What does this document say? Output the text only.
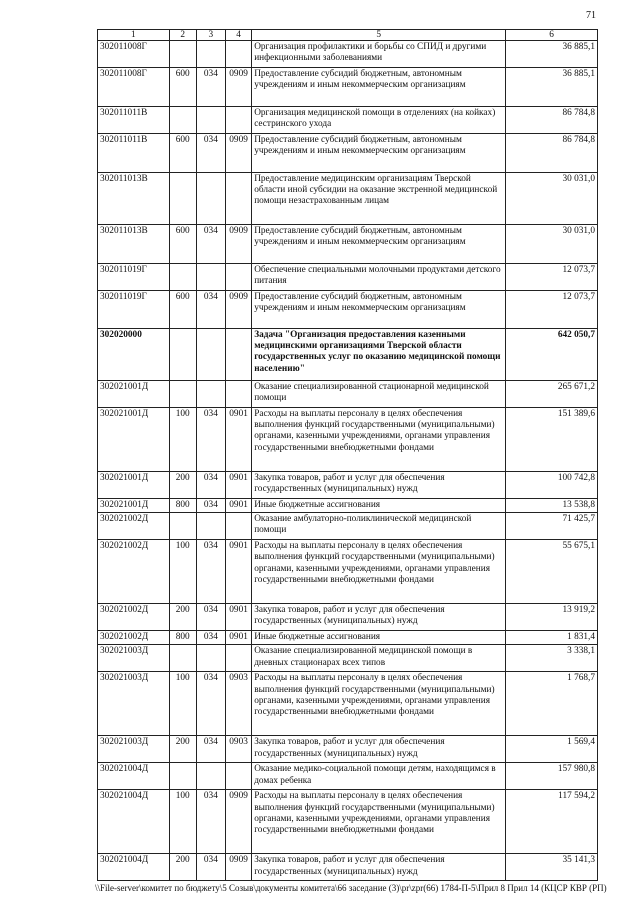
71
1	2	3	4	5	6
302011008Г				Организация профилактики и борьбы со СПИД и другими инфекционными заболеваниями	36 885,1
302011008Г	600	034	0909	Предоставление субсидий бюджетным, автономным учреждениям и иным некоммерческим организациям	36 885,1
302011011В				Организация медицинской помощи в отделениях (на койках) сестринского ухода	86 784,8
302011011В	600	034	0909	Предоставление субсидий бюджетным, автономным учреждениям и иным некоммерческим организациям	86 784,8
302011013В				Предоставление медицинским организациям Тверской области иной субсидии на оказание экстренной медицинской помощи незастрахованным лицам	30 031,0
302011013В	600	034	0909	Предоставление субсидий бюджетным, автономным учреждениям и иным некоммерческим организациям	30 031,0
302011019Г				Обеспечение специальными молочными продуктами детского питания	12 073,7
302011019Г	600	034	0909	Предоставление субсидий бюджетным, автономным учреждениям и иным некоммерческим организациям	12 073,7
302020000				Задача "Организация предоставления казенными медицинскими организациями Тверской области государственных услуг по оказанию медицинской помощи населению"	642 050,7
302021001Д				Оказание специализированной стационарной медицинской помощи	265 671,2
302021001Д	100	034	0901	Расходы на выплаты персоналу в целях обеспечения выполнения функций государственными (муниципальными) органами, казенными учреждениями, органами управления государственными внебюджетными фондами	151 389,6
302021001Д	200	034	0901	Закупка товаров, работ и услуг для обеспечения государственных (муниципальных) нужд	100 742,8
302021001Д	800	034	0901	Иные бюджетные ассигнования	13 538,8
302021002Д				Оказание амбулаторно-поликлинической медицинской помощи	71 425,7
302021002Д	100	034	0901	Расходы на выплаты персоналу в целях обеспечения выполнения функций государственными (муниципальными) органами, казенными учреждениями, органами управления государственными внебюджетными фондами	55 675,1
302021002Д	200	034	0901	Закупка товаров, работ и услуг для обеспечения государственных (муниципальных) нужд	13 919,2
302021002Д	800	034	0901	Иные бюджетные ассигнования	1 831,4
302021003Д				Оказание специализированной медицинской помощи в дневных стационарах всех типов	3 338,1
302021003Д	100	034	0903	Расходы на выплаты персоналу в целях обеспечения выполнения функций государственными (муниципальными) органами, казенными учреждениями, органами управления государственными внебюджетными фондами	1 768,7
302021003Д	200	034	0903	Закупка товаров, работ и услуг для обеспечения государственных (муниципальных) нужд	1 569,4
302021004Д				Оказание медико-социальной помощи детям, находящимся в домах ребенка	157 980,8
302021004Д	100	034	0909	Расходы на выплаты персоналу в целях обеспечения выполнения функций государственными (муниципальными) органами, казенными учреждениями, органами управления государственными внебюджетными фондами	117 594,2
302021004Д	200	034	0909	Закупка товаров, работ и услуг для обеспечения государственных (муниципальных) нужд	35 141,3
\\File-server\комитет по бюджету\5 Созыв\документы комитета\66 заседание (3)\pr\zpr(66) 1784-П-5\Прил 8 Прил 14 (КЦСР КВР (РП)
